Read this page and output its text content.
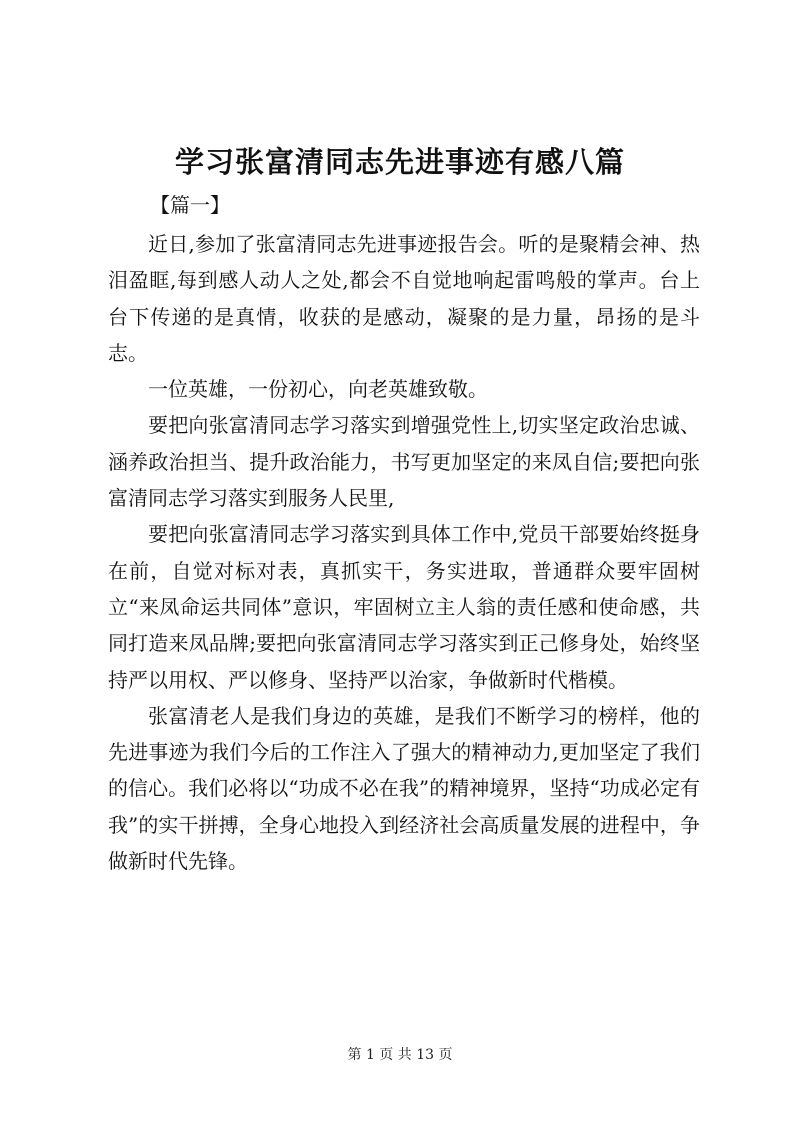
学习张富清同志先进事迹有感八篇
【篇一】

近日,参加了张富清同志先进事迹报告会。听的是聚精会神、热泪盈眶,每到感人动人之处,都会不自觉地响起雷鸣般的掌声。台上台下传递的是真情，收获的是感动，凝聚的是力量，昂扬的是斗志。

一位英雄，一份初心，向老英雄致敬。

要把向张富清同志学习落实到增强党性上,切实坚定政治忠诚、涵养政治担当、提升政治能力，书写更加坚定的来凤自信;要把向张富清同志学习落实到服务人民里,

要把向张富清同志学习落实到具体工作中,党员干部要始终挺身在前，自觉对标对表，真抓实干，务实进取，普通群众要牢固树立“来凤命运共同体”意识，牢固树立主人翁的责任感和使命感，共同打造来凤品牌;要把向张富清同志学习落实到正己修身处，始终坚持严以用权、严以修身、坚持严以治家，争做新时代楷模。

张富清老人是我们身边的英雄，是我们不断学习的榜样，他的先进事迹为我们今后的工作注入了强大的精神动力,更加坚定了我们的信心。我们必将以“功成不必在我”的精神境界，坚持“功成必定有我”的实干拼搏，全身心地投入到经济社会高质量发展的进程中，争做新时代先锋。

第 1 页 共 13 页
